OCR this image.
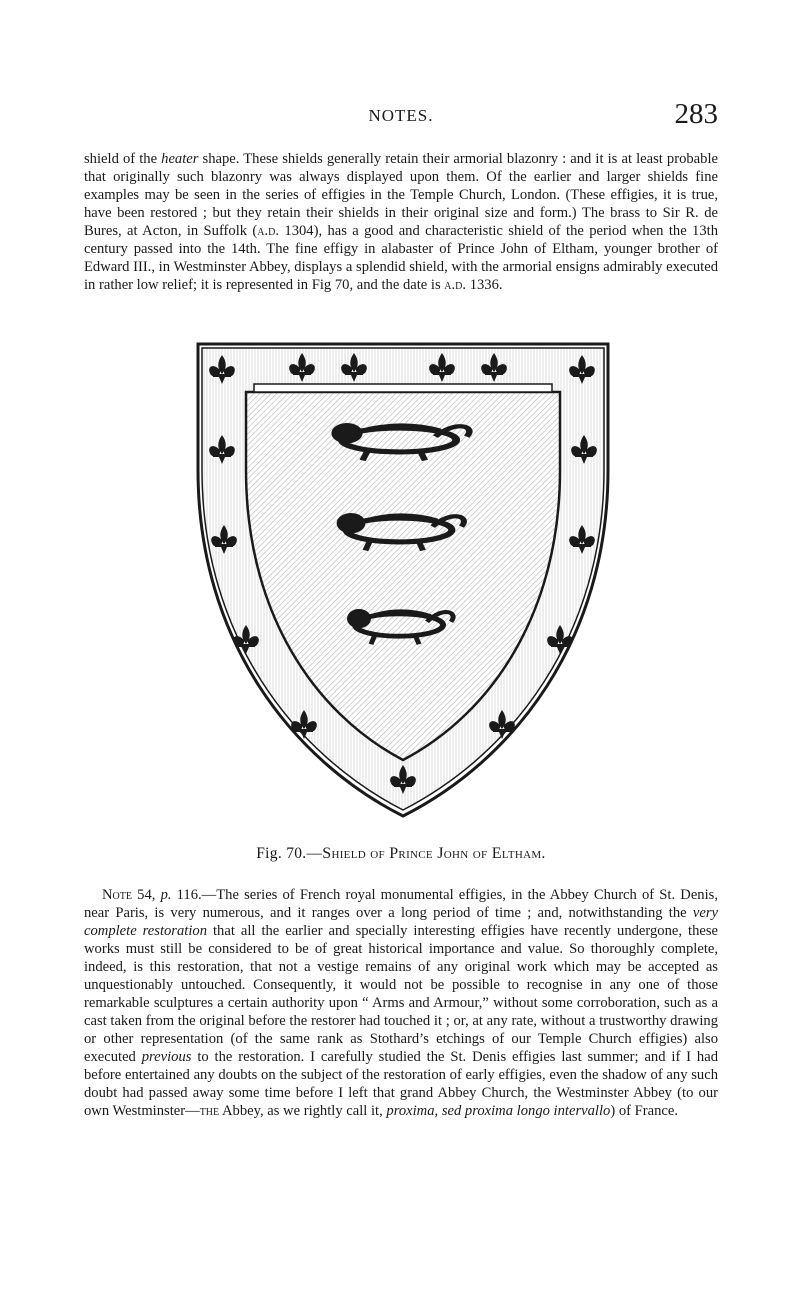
NOTES.	283

shield of the heater shape. These shields generally retain their armorial blazonry : and it is at least probable that originally such blazonry was always displayed upon them. Of the earlier and larger shields fine examples may be seen in the series of effigies in the Temple Church, London. (These effigies, it is true, have been restored ; but they retain their shields in their original size and form.) The brass to Sir R. de Bures, at Acton, in Suffolk (a.d. 1304), has a good and characteristic shield of the period when the 13th century passed into the 14th. The fine effigy in alabaster of Prince John of Eltham, younger brother of Edward III., in Westminster Abbey, displays a splendid shield, with the armorial ensigns admirably executed in rather low relief; it is represented in Fig 70, and the date is a.d. 1336.

Fig. 70.—Shield of Prince John of Eltham.

Note 54, p. 116.—The series of French royal monumental effigies, in the Abbey Church of St. Denis, near Paris, is very numerous, and it ranges over a long period of time ; and, notwithstanding the very complete restoration that all the earlier and specially interesting effigies have recently undergone, these works must still be considered to be of great historical importance and value. So thoroughly complete, indeed, is this restoration, that not a vestige remains of any original work which may be accepted as unquestionably untouched. Consequently, it would not be possible to recognise in any one of those remarkable sculptures a certain authority upon “ Arms and Armour,” without some corroboration, such as a cast taken from the original before the restorer had touched it ; or, at any rate, without a trustworthy drawing or other representation (of the same rank as Stothard’s etchings of our Temple Church effigies) also executed previous to the restoration. I carefully studied the St. Denis effigies last summer; and if I had before entertained any doubts on the subject of the restoration of early effigies, even the shadow of any such doubt had passed away some time before I left that grand Abbey Church, the Westminster Abbey (to our own Westminster—the Abbey, as we rightly call it, proxima, sed proxima longo intervallo) of France.
